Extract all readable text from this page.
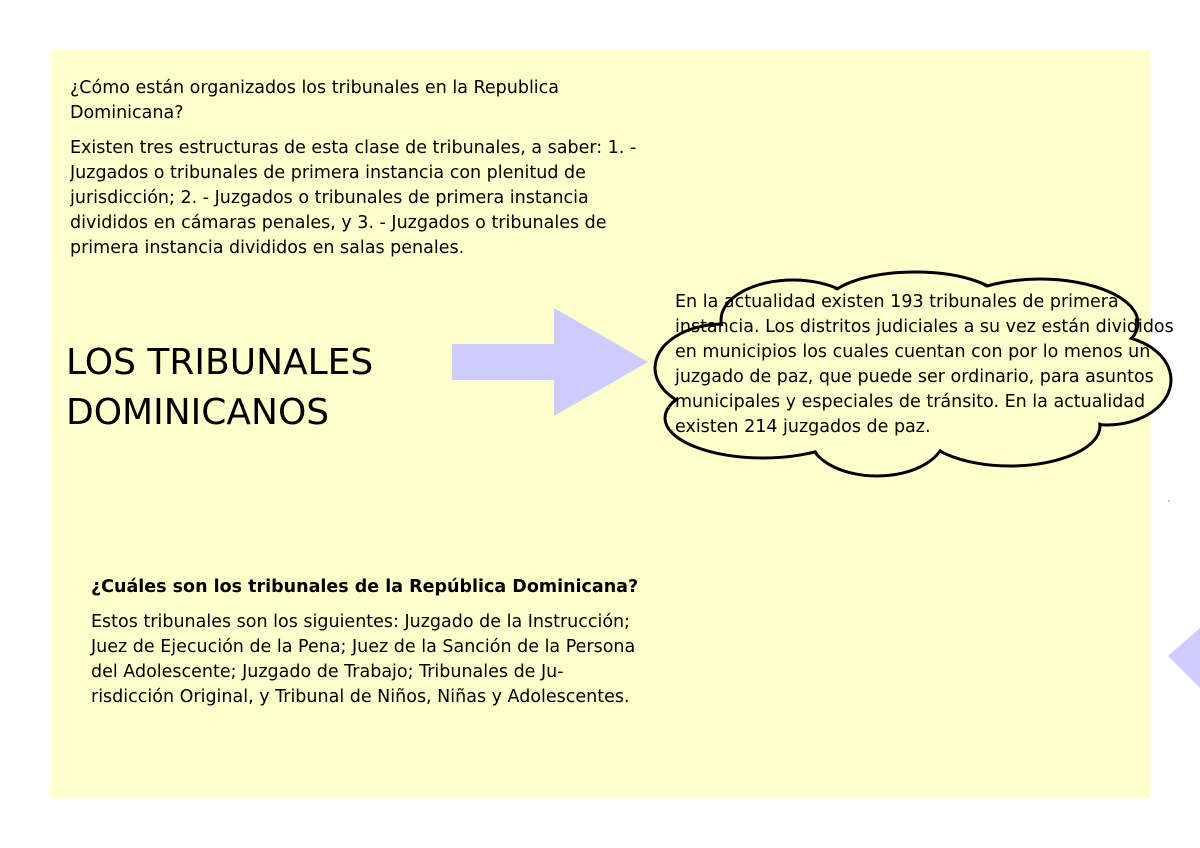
¿Cómo están organizados los tribunales en la Republica Dominicana?

Existen tres estructuras de esta clase de tribunales, a saber: 1. - Juzgados o tribunales de primera instancia con plenitud de jurisdicción; 2. - Juzgados o tribunales de primera instancia divididos en cámaras penales, y 3. - Juzgados o tribunales de primera instancia divididos en salas penales.

LOS TRIBUNALES DOMINICANOS

En la actualidad existen 193 tribunales de primera instancia. Los distritos judiciales a su vez están divididos en municipios los cuales cuentan con por lo menos un juzgado de paz, que puede ser ordinario, para asuntos municipales y especiales de tránsito. En la actualidad existen 214 juzgados de paz.

¿Cuáles son los tribunales de la República Dominicana?

Estos tribunales son los siguientes: Juzgado de la Instrucción; Juez de Ejecución de la Pena; Juez de la Sanción de la Persona del Adolescente; Juzgado de Trabajo; Tribunales de Ju- risdicción Original, y Tribunal de Niños, Niñas y Adolescentes.
